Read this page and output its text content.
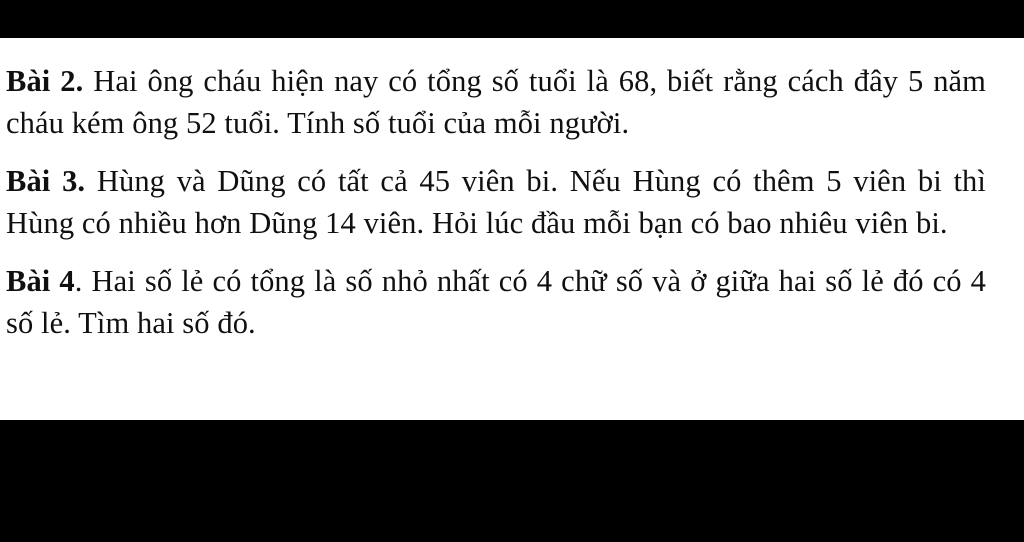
Bài 2. Hai ông cháu hiện nay có tổng số tuổi là 68, biết rằng cách đây 5 năm cháu kém ông 52 tuổi. Tính số tuổi của mỗi người.

Bài 3. Hùng và Dũng có tất cả 45 viên bi. Nếu Hùng có thêm 5 viên bi thì Hùng có nhiều hơn Dũng 14 viên. Hỏi lúc đầu mỗi bạn có bao nhiêu viên bi.

Bài 4. Hai số lẻ có tổng là số nhỏ nhất có 4 chữ số và ở giữa hai số lẻ đó có 4 số lẻ. Tìm hai số đó.
